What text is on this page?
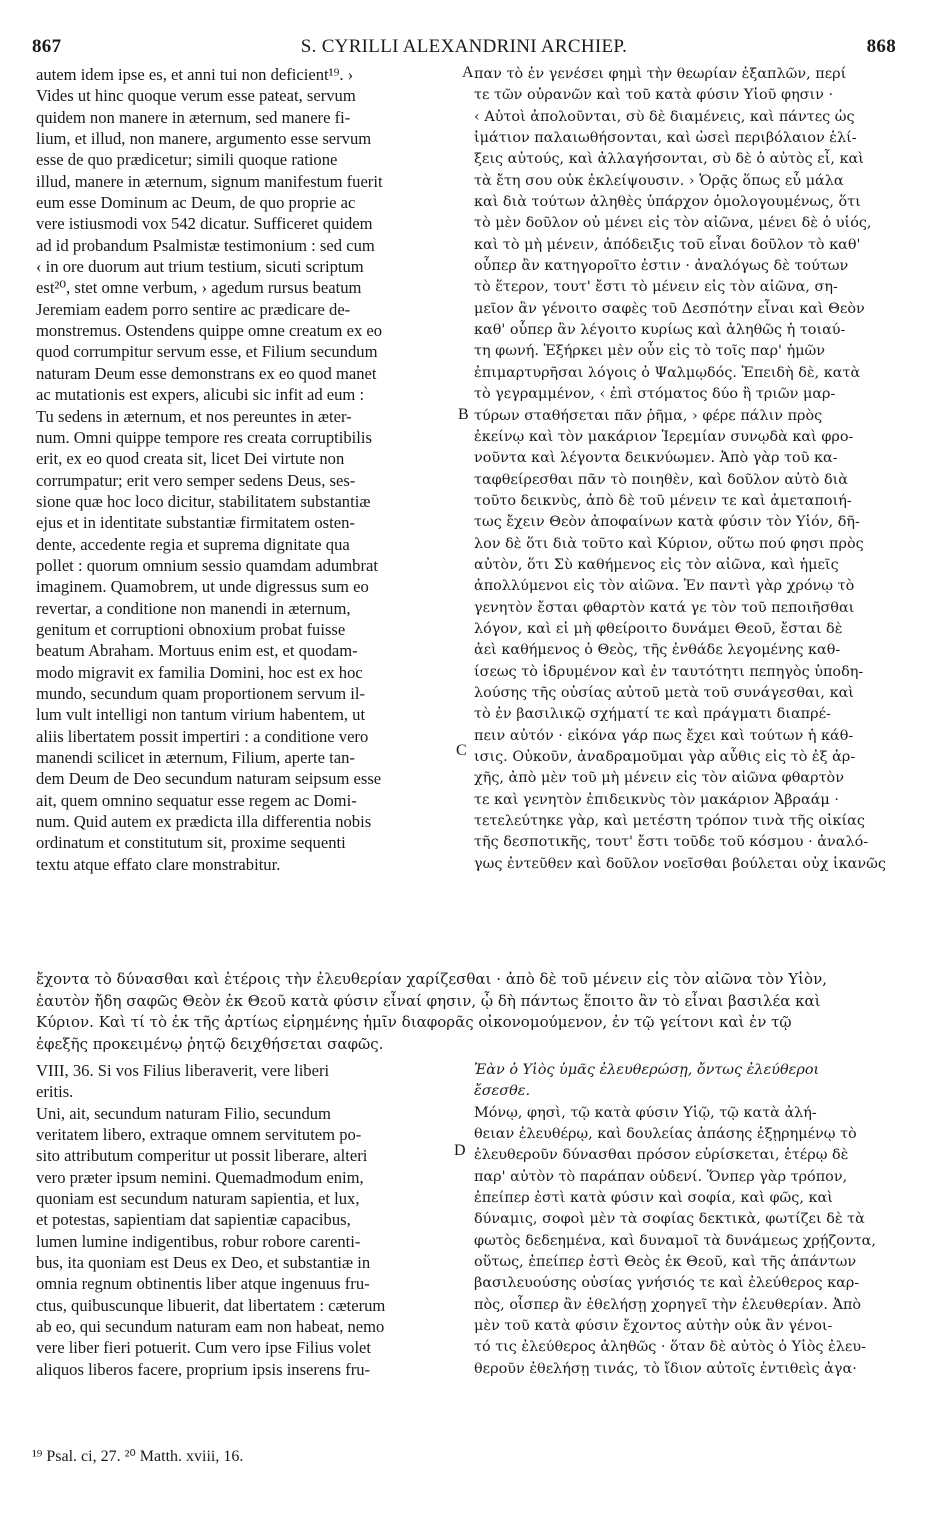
867	S. CYRILLI ALEXANDRINI ARCHIEP.	868

autem idem ipse es, et anni tui non deficient¹⁹. ›

Vides ut hinc quoque verum esse pateat, servum

quidem non manere in æternum, sed manere fi-

lium, et illud, non manere, argumento esse servum

esse de quo prædicetur; simili quoque ratione

illud, manere in æternum, signum manifestum fuerit

eum esse Dominum ac Deum, de quo proprie ac

vere istiusmodi vox 542 dicatur. Sufficeret quidem

ad id probandum Psalmistæ testimonium : sed cum

‹ in ore duorum aut trium testium, sicuti scriptum

est²⁰, stet omne verbum, › agedum rursus beatum

Jeremiam eadem porro sentire ac prædicare de-

monstremus. Ostendens quippe omne creatum ex eo

quod corrumpitur servum esse, et Filium secundum

naturam Deum esse demonstrans ex eo quod manet

ac mutationis est expers, alicubi sic infit ad eum :

Tu sedens in æternum, et nos pereuntes in æter-

num. Omni quippe tempore res creata corruptibilis

erit, ex eo quod creata sit, licet Dei virtute non

corrumpatur; erit vero semper sedens Deus, ses-

sione quæ hoc loco dicitur, stabilitatem substantiæ

ejus et in identitate substantiæ firmitatem osten-

dente, accedente regia et suprema dignitate qua

pollet : quorum omnium sessio quamdam adumbrat

imaginem. Quamobrem, ut unde digressus sum eo

revertar, a conditione non manendi in æternum,

genitum et corruptioni obnoxium probat fuisse

beatum Abraham. Mortuus enim est, et quodam-

modo migravit ex familia Domini, hoc est ex hoc

mundo, secundum quam proportionem servum il-

lum vult intelligi non tantum virium habentem, ut

aliis libertatem possit impertiri : a conditione vero

manendi scilicet in æternum, Filium, aperte tan-

dem Deum de Deo secundum naturam seipsum esse

ait, quem omnino sequatur esse regem ac Domi-

num. Quid autem ex prædicta illa differentia nobis

ordinatum et constitutum sit, proxime sequenti

textu atque effato clare monstrabitur.

παν τὸ ἐν γενέσει φημὶ τὴν θεωρίαν ἐξαπλῶν, περί

τε τῶν οὐρανῶν καὶ τοῦ κατὰ φύσιν Υἱοῦ φησιν ·

‹ Αὐτοὶ ἀπολοῦνται, σὺ δὲ διαμένεις, καὶ πάντες ὡς

ἱμάτιον παλαιωθήσονται, καὶ ὡσεὶ περιβόλαιον ἑλί-

ξεις αὐτούς, καὶ ἀλλαγήσονται, σὺ δὲ ὁ αὐτὸς εἶ, καὶ

τὰ ἔτη σου οὐκ ἐκλείψουσιν. › Ὁρᾷς ὅπως εὖ μάλα

καὶ διὰ τούτων ἀληθὲς ὑπάρχον ὁμολογουμένως, ὅτι

τὸ μὲν δοῦλον οὐ μένει εἰς τὸν αἰῶνα, μένει δὲ ὁ υἱός,

καὶ τὸ μὴ μένειν, ἀπόδειξις τοῦ εἶναι δοῦλον τὸ καθ'

οὗπερ ἂν κατηγοροῖτο ἐστιν · ἀναλόγως δὲ τούτων

τὸ ἕτερον, τουτ' ἔστι τὸ μένειν εἰς τὸν αἰῶνα, ση-

μεῖον ἂν γένοιτο σαφὲς τοῦ Δεσπότην εἶναι καὶ Θεὸν

καθ' οὗπερ ἂν λέγοιτο κυρίως καὶ ἀληθῶς ἡ τοιαύ-

τη φωνή. Ἐξήρκει μὲν οὖν εἰς τὸ τοῖς παρ' ἡμῶν

ἐπιμαρτυρῆσαι λόγοις ὁ Ψαλμῳδός. Ἐπειδὴ δὲ, κατὰ

τὸ γεγραμμένον, ‹ ἐπὶ στόματος δύο ἢ τριῶν μαρ-

τύρων σταθήσεται πᾶν ῥῆμα, › φέρε πάλιν πρὸς

ἐκείνῳ καὶ τὸν μακάριον Ἱερεμίαν συνῳδὰ καὶ φρο-

νοῦντα καὶ λέγοντα δεικνύωμεν. Ἀπὸ γὰρ τοῦ κα-

ταφθείρεσθαι πᾶν τὸ ποιηθὲν, καὶ δοῦλον αὐτὸ διὰ

τοῦτο δεικνὺς, ἀπὸ δὲ τοῦ μένειν τε καὶ ἀμεταποιή-

τως ἔχειν Θεὸν ἀποφαίνων κατὰ φύσιν τὸν Υἱόν, δῆ-

λον δὲ ὅτι διὰ τοῦτο καὶ Κύριον, οὕτω πού φησι πρὸς

αὐτὸν, ὅτι Σὺ καθήμενος εἰς τὸν αἰῶνα, καὶ ἡμεῖς

ἀπολλύμενοι εἰς τὸν αἰῶνα. Ἐν παντὶ γὰρ χρόνῳ τὸ

γενητὸν ἔσται φθαρτὸν κατά γε τὸν τοῦ πεποιῆσθαι

λόγον, καὶ εἰ μὴ φθείροιτο δυνάμει Θεοῦ, ἔσται δὲ

ἀεὶ καθήμενος ὁ Θεὸς, τῆς ἐνθάδε λεγομένης καθ-

ίσεως τὸ ἱδρυμένον καὶ ἐν ταυτότητι πεπηγὸς ὑποδη-

λούσης τῆς οὐσίας αὐτοῦ μετὰ τοῦ συνάγεσθαι, καὶ

τὸ ἐν βασιλικῷ σχήματί τε καὶ πράγματι διαπρέ-

πειν αὐτόν · εἰκόνα γάρ πως ἔχει καὶ τούτων ἡ κάθ-

ισις. Οὐκοῦν, ἀναδραμοῦμαι γὰρ αὖθις εἰς τὸ ἐξ ἀρ-

χῆς, ἀπὸ μὲν τοῦ μὴ μένειν εἰς τὸν αἰῶνα φθαρτὸν

τε καὶ γενητὸν ἐπιδεικνὺς τὸν μακάριον Ἀβραάμ ·

τετελεύτηκε γὰρ, καὶ μετέστη τρόπον τινὰ τῆς οἰκίας

τῆς δεσποτικῆς, τουτ' ἔστι τοῦδε τοῦ κόσμου · ἀναλό-

γως ἐντεῦθεν καὶ δοῦλον νοεῖσθαι βούλεται οὐχ ἱκανῶς

A
B
C
D

ἔχοντα τὸ δύνασθαι καὶ ἑτέροις τὴν ἐλευθερίαν χαρίζεσθαι · ἀπὸ δὲ τοῦ μένειν εἰς τὸν αἰῶνα τὸν Υἱὸν,

ἑαυτὸν ἤδη σαφῶς Θεὸν ἐκ Θεοῦ κατὰ φύσιν εἶναί φησιν, ᾧ δὴ πάντως ἕποιτο ἂν τὸ εἶναι βασιλέα καὶ

Κύριον. Καὶ τί τὸ ἐκ τῆς ἀρτίως εἰρημένης ἡμῖν διαφορᾶς οἰκονομούμενον, ἐν τῷ γείτονι καὶ ἐν τῷ

ἐφεξῆς προκειμένῳ ῥητῷ δειχθήσεται σαφῶς.

VIII, 36. Si vos Filius liberaverit, vere liberi

eritis.

Uni, ait, secundum naturam Filio, secundum

veritatem libero, extraque omnem servitutem po-

sito attributum comperitur ut possit liberare, alteri

vero præter ipsum nemini. Quemadmodum enim,

quoniam est secundum naturam sapientia, et lux,

et potestas, sapientiam dat sapientiæ capacibus,

lumen lumine indigentibus, robur robore carenti-

bus, ita quoniam est Deus ex Deo, et substantiæ in

omnia regnum obtinentis liber atque ingenuus fru-

ctus, quibuscunque libuerit, dat libertatem : cæterum

ab eo, qui secundum naturam eam non habeat, nemo

vere liber fieri potuerit. Cum vero ipse Filius volet

aliquos liberos facere, proprium ipsis inserens fru-

Ἐὰν ὁ Υἱὸς ὑμᾶς ἐλευθερώσῃ, ὄντως ἐλεύθεροι

ἔσεσθε.

Μόνῳ, φησὶ, τῷ κατὰ φύσιν Υἱῷ, τῷ κατὰ ἀλή-

θειαν ἐλευθέρῳ, καὶ δουλείας ἁπάσης ἐξῃρημένῳ τὸ

ἐλευθεροῦν δύνασθαι πρόσον εὑρίσκεται, ἑτέρῳ δὲ

παρ' αὐτὸν τὸ παράπαν οὐδενί. Ὅνπερ γὰρ τρόπον,

ἐπείπερ ἐστὶ κατὰ φύσιν καὶ σοφία, καὶ φῶς, καὶ

δύναμις, σοφοὶ μὲν τὰ σοφίας δεκτικὰ, φωτίζει δὲ τὰ

φωτὸς δεδεημένα, καὶ δυναμοῖ τὰ δυνάμεως χρῄζοντα,

οὕτως, ἐπείπερ ἐστὶ Θεὸς ἐκ Θεοῦ, καὶ τῆς ἁπάντων

βασιλευούσης οὐσίας γνήσιός τε καὶ ἐλεύθερος καρ-

πὸς, οἷσπερ ἂν ἐθελήσῃ χορηγεῖ τὴν ἐλευθερίαν. Ἀπὸ

μὲν τοῦ κατὰ φύσιν ἔχοντος αὐτὴν οὐκ ἂν γένοι-

τό τις ἐλεύθερος ἀληθῶς · ὅταν δὲ αὐτὸς ὁ Υἱὸς ἐλευ-

θεροῦν ἐθελήσῃ τινάς, τὸ ἴδιον αὐτοῖς ἐντιθεὶς ἀγα·

¹⁹ Psal. ci, 27. ²⁰ Matth. xviii, 16.
